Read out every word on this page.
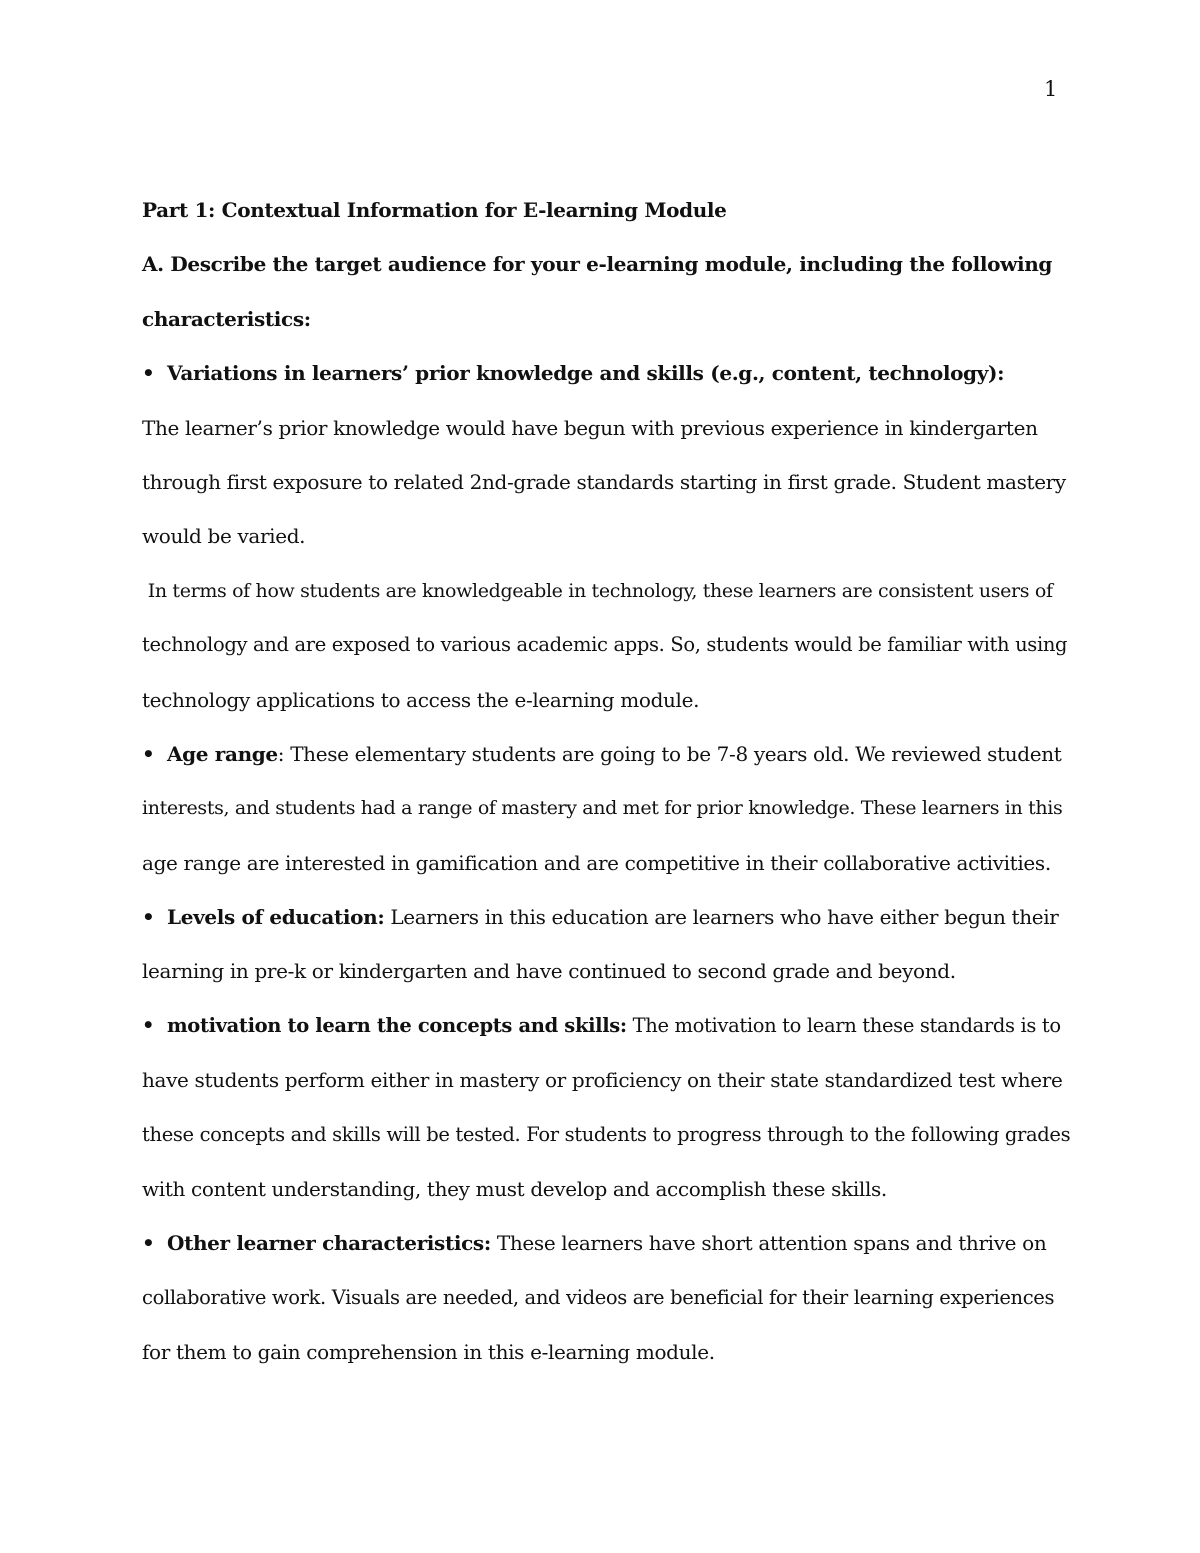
1
Part 1: Contextual Information for E-learning Module
A. Describe the target audience for your e-learning module, including the following
characteristics:
• Variations in learners’ prior knowledge and skills (e.g., content, technology):
The learner’s prior knowledge would have begun with previous experience in kindergarten
through first exposure to related 2nd-grade standards starting in first grade. Student mastery
would be varied.
In terms of how students are knowledgeable in technology, these learners are consistent users of
technology and are exposed to various academic apps. So, students would be familiar with using
technology applications to access the e-learning module.
• Age range: These elementary students are going to be 7-8 years old. We reviewed student
interests, and students had a range of mastery and met for prior knowledge. These learners in this
age range are interested in gamification and are competitive in their collaborative activities.
• Levels of education: Learners in this education are learners who have either begun their
learning in pre-k or kindergarten and have continued to second grade and beyond.
• motivation to learn the concepts and skills: The motivation to learn these standards is to
have students perform either in mastery or proficiency on their state standardized test where
these concepts and skills will be tested. For students to progress through to the following grades
with content understanding, they must develop and accomplish these skills.
• Other learner characteristics: These learners have short attention spans and thrive on
collaborative work. Visuals are needed, and videos are beneficial for their learning experiences
for them to gain comprehension in this e-learning module.
